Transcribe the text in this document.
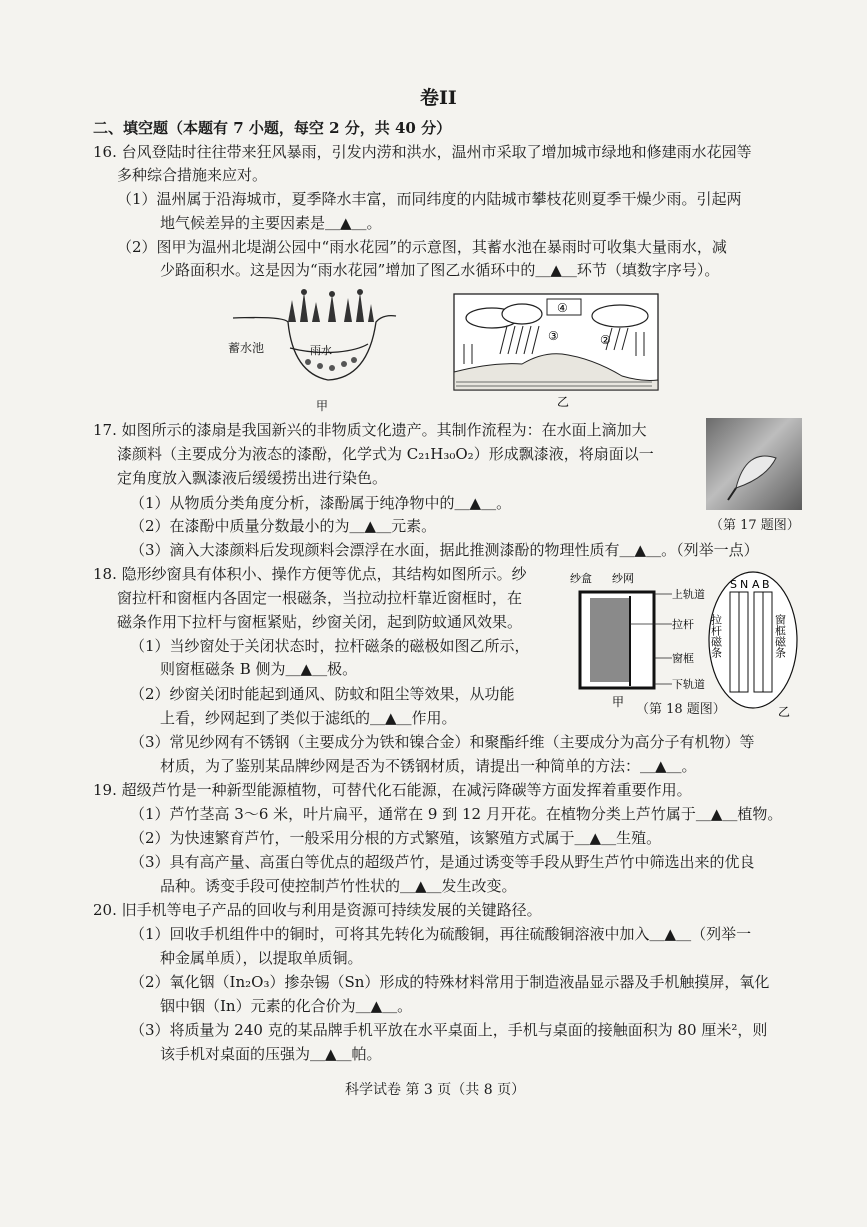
卷II
二、填空题（本题有 7 小题，每空 2 分，共 40 分）
16. 台风登陆时往往带来狂风暴雨，引发内涝和洪水，温州市采取了增加城市绿地和修建雨水花园等
多种综合措施来应对。
（1）温州属于沿海城市，夏季降水丰富，而同纬度的内陆城市攀枝花则夏季干燥少雨。引起两
地气候差异的主要因素是＿▲＿。
（2）图甲为温州北堤湖公园中“雨水花园”的示意图，其蓄水池在暴雨时可收集大量雨水，减
少路面积水。这是因为“雨水花园”增加了图乙水循环中的＿▲＿环节（填数字序号）。
蓄水池	雨水
甲
④
③	②
乙
17. 如图所示的漆扇是我国新兴的非物质文化遗产。其制作流程为：在水面上滴加大
漆颜料（主要成分为液态的漆酚，化学式为 C₂₁H₃₀O₂）形成飘漆液，将扇面以一
定角度放入飘漆液后缓缓捞出进行染色。
（1）从物质分类角度分析，漆酚属于纯净物中的＿▲＿。
（2）在漆酚中质量分数最小的为＿▲＿元素。
（3）滴入大漆颜料后发现颜料会漂浮在水面，据此推测漆酚的物理性质有＿▲＿。（列举一点）
（第 17 题图）
18. 隐形纱窗具有体积小、操作方便等优点，其结构如图所示。纱
窗拉杆和窗框内各固定一根磁条，当拉动拉杆靠近窗框时，在
磁条作用下拉杆与窗框紧贴，纱窗关闭，起到防蚊通风效果。
（1）当纱窗处于关闭状态时，拉杆磁条的磁极如图乙所示，
则窗框磁条 B 侧为＿▲＿极。
（2）纱窗关闭时能起到通风、防蚊和阻尘等效果，从功能
上看，纱网起到了类似于滤纸的＿▲＿作用。
（3）常见纱网有不锈钢（主要成分为铁和镍合金）和聚酯纤维（主要成分为高分子有机物）等
材质，为了鉴别某品牌纱网是否为不锈钢材质，请提出一种简单的方法：＿▲＿。
纱盒 纱网
上轨道
拉杆
窗框
下轨道
甲
S N A B
拉杆磁条	窗框磁条
乙
（第 18 题图）
19. 超级芦竹是一种新型能源植物，可替代化石能源，在减污降碳等方面发挥着重要作用。
（1）芦竹茎高 3～6 米，叶片扁平，通常在 9 到 12 月开花。在植物分类上芦竹属于＿▲＿植物。
（2）为快速繁育芦竹，一般采用分根的方式繁殖，该繁殖方式属于＿▲＿生殖。
（3）具有高产量、高蛋白等优点的超级芦竹，是通过诱变等手段从野生芦竹中筛选出来的优良
品种。诱变手段可使控制芦竹性状的＿▲＿发生改变。
20. 旧手机等电子产品的回收与利用是资源可持续发展的关键路径。
（1）回收手机组件中的铜时，可将其先转化为硫酸铜，再往硫酸铜溶液中加入＿▲＿（列举一
种金属单质），以提取单质铜。
（2）氧化铟（In₂O₃）掺杂锡（Sn）形成的特殊材料常用于制造液晶显示器及手机触摸屏，氧化
铟中铟（In）元素的化合价为＿▲＿。
（3）将质量为 240 克的某品牌手机平放在水平桌面上，手机与桌面的接触面积为 80 厘米²，则
该手机对桌面的压强为＿▲＿帕。
科学试卷 第 3 页（共 8 页）
